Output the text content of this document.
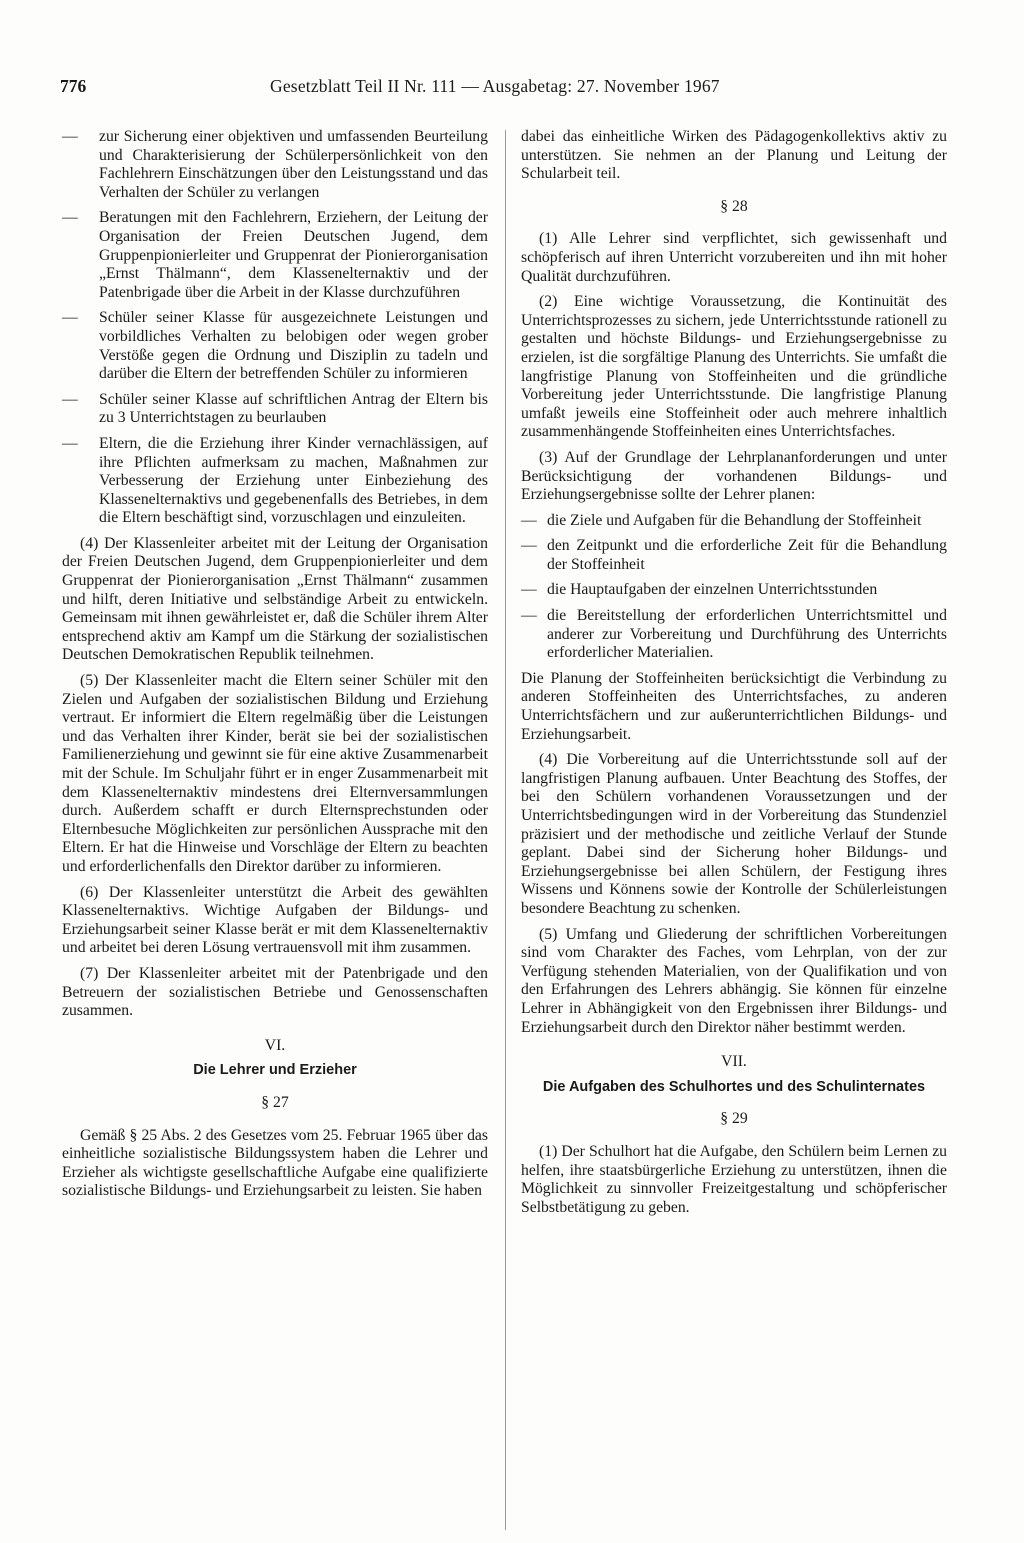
776	Gesetzblatt Teil II Nr. 111 — Ausgabetag: 27. November 1967
— zur Sicherung einer objektiven und umfassenden Beurteilung und Charakterisierung der Schülerpersönlichkeit von den Fachlehrern Einschätzungen über den Leistungsstand und das Verhalten der Schüler zu verlangen
— Beratungen mit den Fachlehrern, Erziehern, der Leitung der Organisation der Freien Deutschen Jugend, dem Gruppenpionierleiter und Gruppenrat der Pionierorganisation „Ernst Thälmann“, dem Klassenelternaktiv und der Patenbrigade über die Arbeit in der Klasse durchzuführen
— Schüler seiner Klasse für ausgezeichnete Leistungen und vorbildliches Verhalten zu belobigen oder wegen grober Verstöße gegen die Ordnung und Disziplin zu tadeln und darüber die Eltern der betreffenden Schüler zu informieren
— Schüler seiner Klasse auf schriftlichen Antrag der Eltern bis zu 3 Unterrichtstagen zu beurlauben
— Eltern, die die Erziehung ihrer Kinder vernachlässigen, auf ihre Pflichten aufmerksam zu machen, Maßnahmen zur Verbesserung der Erziehung unter Einbeziehung des Klassenelternaktivs und gegebenenfalls des Betriebes, in dem die Eltern beschäftigt sind, vorzuschlagen und einzuleiten.

(4) Der Klassenleiter arbeitet mit der Leitung der Organisation der Freien Deutschen Jugend, dem Gruppenpionierleiter und dem Gruppenrat der Pionierorganisation „Ernst Thälmann“ zusammen und hilft, deren Initiative und selbständige Arbeit zu entwickeln. Gemeinsam mit ihnen gewährleistet er, daß die Schüler ihrem Alter entsprechend aktiv am Kampf um die Stärkung der sozialistischen Deutschen Demokratischen Republik teilnehmen.

(5) Der Klassenleiter macht die Eltern seiner Schüler mit den Zielen und Aufgaben der sozialistischen Bildung und Erziehung vertraut. Er informiert die Eltern regelmäßig über die Leistungen und das Verhalten ihrer Kinder, berät sie bei der sozialistischen Familienerziehung und gewinnt sie für eine aktive Zusammenarbeit mit der Schule. Im Schuljahr führt er in enger Zusammenarbeit mit dem Klassenelternaktiv mindestens drei Elternversammlungen durch. Außerdem schafft er durch Elternsprechstunden oder Elternbesuche Möglichkeiten zur persönlichen Aussprache mit den Eltern. Er hat die Hinweise und Vorschläge der Eltern zu beachten und erforderlichenfalls den Direktor darüber zu informieren.

(6) Der Klassenleiter unterstützt die Arbeit des gewählten Klassenelternaktivs. Wichtige Aufgaben der Bildungs- und Erziehungsarbeit seiner Klasse berät er mit dem Klassenelternaktiv und arbeitet bei deren Lösung vertrauensvoll mit ihm zusammen.

(7) Der Klassenleiter arbeitet mit der Patenbrigade und den Betreuern der sozialistischen Betriebe und Genossenschaften zusammen.

VI.
Die Lehrer und Erzieher
§ 27

Gemäß § 25 Abs. 2 des Gesetzes vom 25. Februar 1965 über das einheitliche sozialistische Bildungssystem haben die Lehrer und Erzieher als wichtigste gesellschaftliche Aufgabe eine qualifizierte sozialistische Bildungs- und Erziehungsarbeit zu leisten. Sie haben

dabei das einheitliche Wirken des Pädagogenkollektivs aktiv zu unterstützen. Sie nehmen an der Planung und Leitung der Schularbeit teil.

§ 28

(1) Alle Lehrer sind verpflichtet, sich gewissenhaft und schöpferisch auf ihren Unterricht vorzubereiten und ihn mit hoher Qualität durchzuführen.

(2) Eine wichtige Voraussetzung, die Kontinuität des Unterrichtsprozesses zu sichern, jede Unterrichtsstunde rationell zu gestalten und höchste Bildungs- und Erziehungsergebnisse zu erzielen, ist die sorgfältige Planung des Unterrichts. Sie umfaßt die langfristige Planung von Stoffeinheiten und die gründliche Vorbereitung jeder Unterrichtsstunde. Die langfristige Planung umfaßt jeweils eine Stoffeinheit oder auch mehrere inhaltlich zusammenhängende Stoffeinheiten eines Unterrichtsfaches.

(3) Auf der Grundlage der Lehrplananforderungen und unter Berücksichtigung der vorhandenen Bildungs- und Erziehungsergebnisse sollte der Lehrer planen:

— die Ziele und Aufgaben für die Behandlung der Stoffeinheit
— den Zeitpunkt und die erforderliche Zeit für die Behandlung der Stoffeinheit
— die Hauptaufgaben der einzelnen Unterrichtsstunden
— die Bereitstellung der erforderlichen Unterrichtsmittel und anderer zur Vorbereitung und Durchführung des Unterrichts erforderlicher Materialien.

Die Planung der Stoffeinheiten berücksichtigt die Verbindung zu anderen Stoffeinheiten des Unterrichtsfaches, zu anderen Unterrichtsfächern und zur außerunterrichtlichen Bildungs- und Erziehungsarbeit.

(4) Die Vorbereitung auf die Unterrichtsstunde soll auf der langfristigen Planung aufbauen. Unter Beachtung des Stoffes, der bei den Schülern vorhandenen Voraussetzungen und der Unterrichtsbedingungen wird in der Vorbereitung das Stundenziel präzisiert und der methodische und zeitliche Verlauf der Stunde geplant. Dabei sind der Sicherung hoher Bildungs- und Erziehungsergebnisse bei allen Schülern, der Festigung ihres Wissens und Könnens sowie der Kontrolle der Schülerleistungen besondere Beachtung zu schenken.

(5) Umfang und Gliederung der schriftlichen Vorbereitungen sind vom Charakter des Faches, vom Lehrplan, von der zur Verfügung stehenden Materialien, von der Qualifikation und von den Erfahrungen des Lehrers abhängig. Sie können für einzelne Lehrer in Abhängigkeit von den Ergebnissen ihrer Bildungs- und Erziehungsarbeit durch den Direktor näher bestimmt werden.

VII.
Die Aufgaben des Schulhortes und des Schulinternates
§ 29

(1) Der Schulhort hat die Aufgabe, den Schülern beim Lernen zu helfen, ihre staatsbürgerliche Erziehung zu unterstützen, ihnen die Möglichkeit zu sinnvoller Freizeitgestaltung und schöpferischer Selbstbetätigung zu geben.
